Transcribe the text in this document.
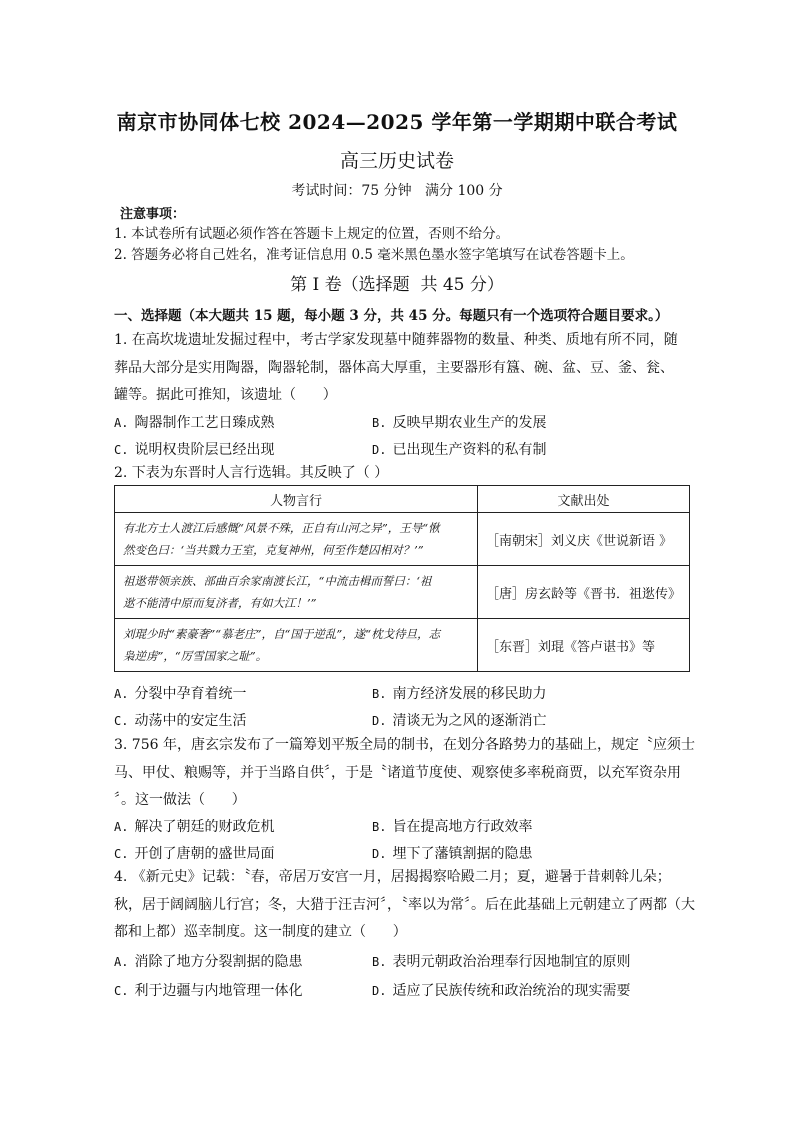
南京市协同体七校 2024—2025 学年第一学期期中联合考试
高三历史试卷
考试时间：75 分钟   满分 100 分
注意事项：
1. 本试卷所有试题必须作答在答题卡上规定的位置，否则不给分。
2. 答题务必将自己姓名，准考证信息用 0.5 毫米黑色墨水签字笔填写在试卷答题卡上。
第 Ⅰ 卷（选择题  共 45 分）
一、选择题（本大题共 15 题，每小题 3 分，共 45 分。每题只有一个选项符合题目要求。）
1. 在高坎垅遗址发掘过程中，考古学家发现墓中随葬器物的数量、种类、质地有所不同，随
葬品大部分是实用陶器，陶器轮制，器体高大厚重，主要器形有簋、碗、盆、豆、釜、瓮、
罐等。据此可推知，该遗址（      ）
A. 陶器制作工艺日臻成熟	B. 反映早期农业生产的发展
C. 说明权贵阶层已经出现	D. 已出现生产资料的私有制
2. 下表为东晋时人言行选辑。其反映了（ ）
人物言行	文献出处

有北方士人渡江后感慨“风景不殊，正自有山河之异”，王导“愀
然变色曰：‘当共戮力王室，克复神州，何至作楚囚相对？’”	［南朝宋］刘义庆《世说新语 》

祖逖带领亲族、部曲百余家南渡长江，“中流击楫而誓曰：‘祖
逖不能清中原而复济者，有如大江！’”	［唐］房玄龄等《晋书．祖逖传》

刘琨少时“素豪奢”“慕老庄”，自“国于逆乱”，遂“枕戈待旦，志
枭逆虏”，“厉雪国家之耻”。	［东晋］刘琨《答卢谌书》等
A. 分裂中孕育着统一	B. 南方经济发展的移民助力
C. 动荡中的安定生活	D. 清谈无为之风的逐渐消亡
3. 756 年，唐玄宗发布了一篇筹划平叛全局的制书，在划分各路势力的基础上，规定〝应须士
马、甲仗、粮赐等，并于当路自供〞，于是〝诸道节度使、观察使多率税商贾，以充军资杂用
〞。这一做法（      ）
A. 解决了朝廷的财政危机	B. 旨在提高地方行政效率
C. 开创了唐朝的盛世局面	D. 埋下了藩镇割据的隐患
4. 《新元史》记载：〝春，帝居万安宫一月，居揭揭察哈殿二月；夏，避暑于昔刺斡儿朵；
秋，居于阔阔脑儿行宫；冬，大猎于汪吉河〞，〝率以为常〞。后在此基础上元朝建立了两都（大
都和上都）巡幸制度。这一制度的建立（      ）
A. 消除了地方分裂割据的隐患	B. 表明元朝政治治理奉行因地制宜的原则
C. 利于边疆与内地管理一体化	D. 适应了民族传统和政治统治的现实需要
